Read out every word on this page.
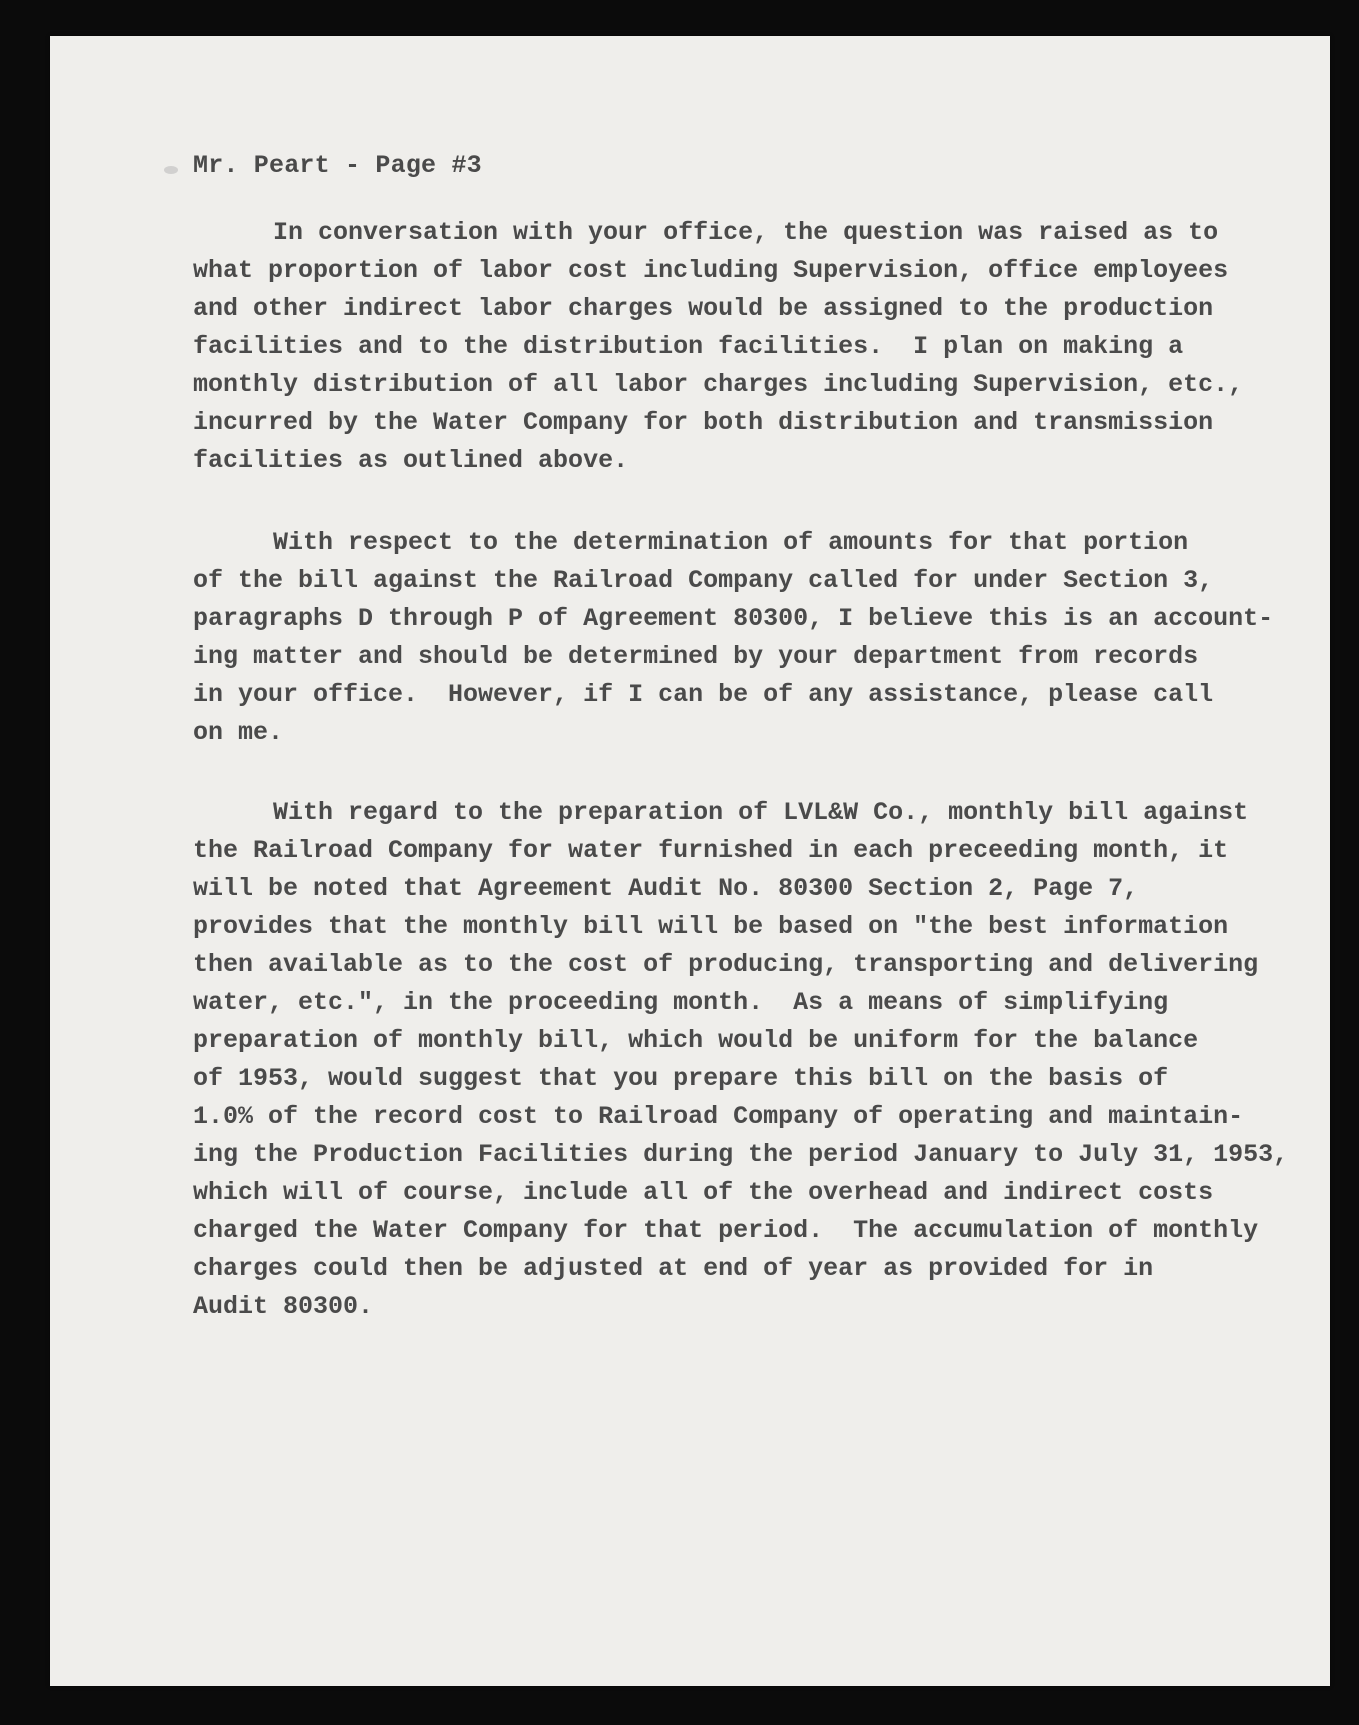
Mr. Peart - Page #3

In conversation with your office, the question was raised as to
what proportion of labor cost including Supervision, office employees
and other indirect labor charges would be assigned to the production
facilities and to the distribution facilities.  I plan on making a
monthly distribution of all labor charges including Supervision, etc.,
incurred by the Water Company for both distribution and transmission
facilities as outlined above.
With respect to the determination of amounts for that portion
of the bill against the Railroad Company called for under Section 3,
paragraphs D through P of Agreement 80300, I believe this is an account-
ing matter and should be determined by your department from records
in your office.  However, if I can be of any assistance, please call
on me.
With regard to the preparation of LVL&W Co., monthly bill against
the Railroad Company for water furnished in each preceeding month, it
will be noted that Agreement Audit No. 80300 Section 2, Page 7,
provides that the monthly bill will be based on "the best information
then available as to the cost of producing, transporting and delivering
water, etc.", in the proceeding month.  As a means of simplifying
preparation of monthly bill, which would be uniform for the balance
of 1953, would suggest that you prepare this bill on the basis of
1.0% of the record cost to Railroad Company of operating and maintain-
ing the Production Facilities during the period January to July 31, 1953,
which will of course, include all of the overhead and indirect costs
charged the Water Company for that period.  The accumulation of monthly
charges could then be adjusted at end of year as provided for in
Audit 80300.
